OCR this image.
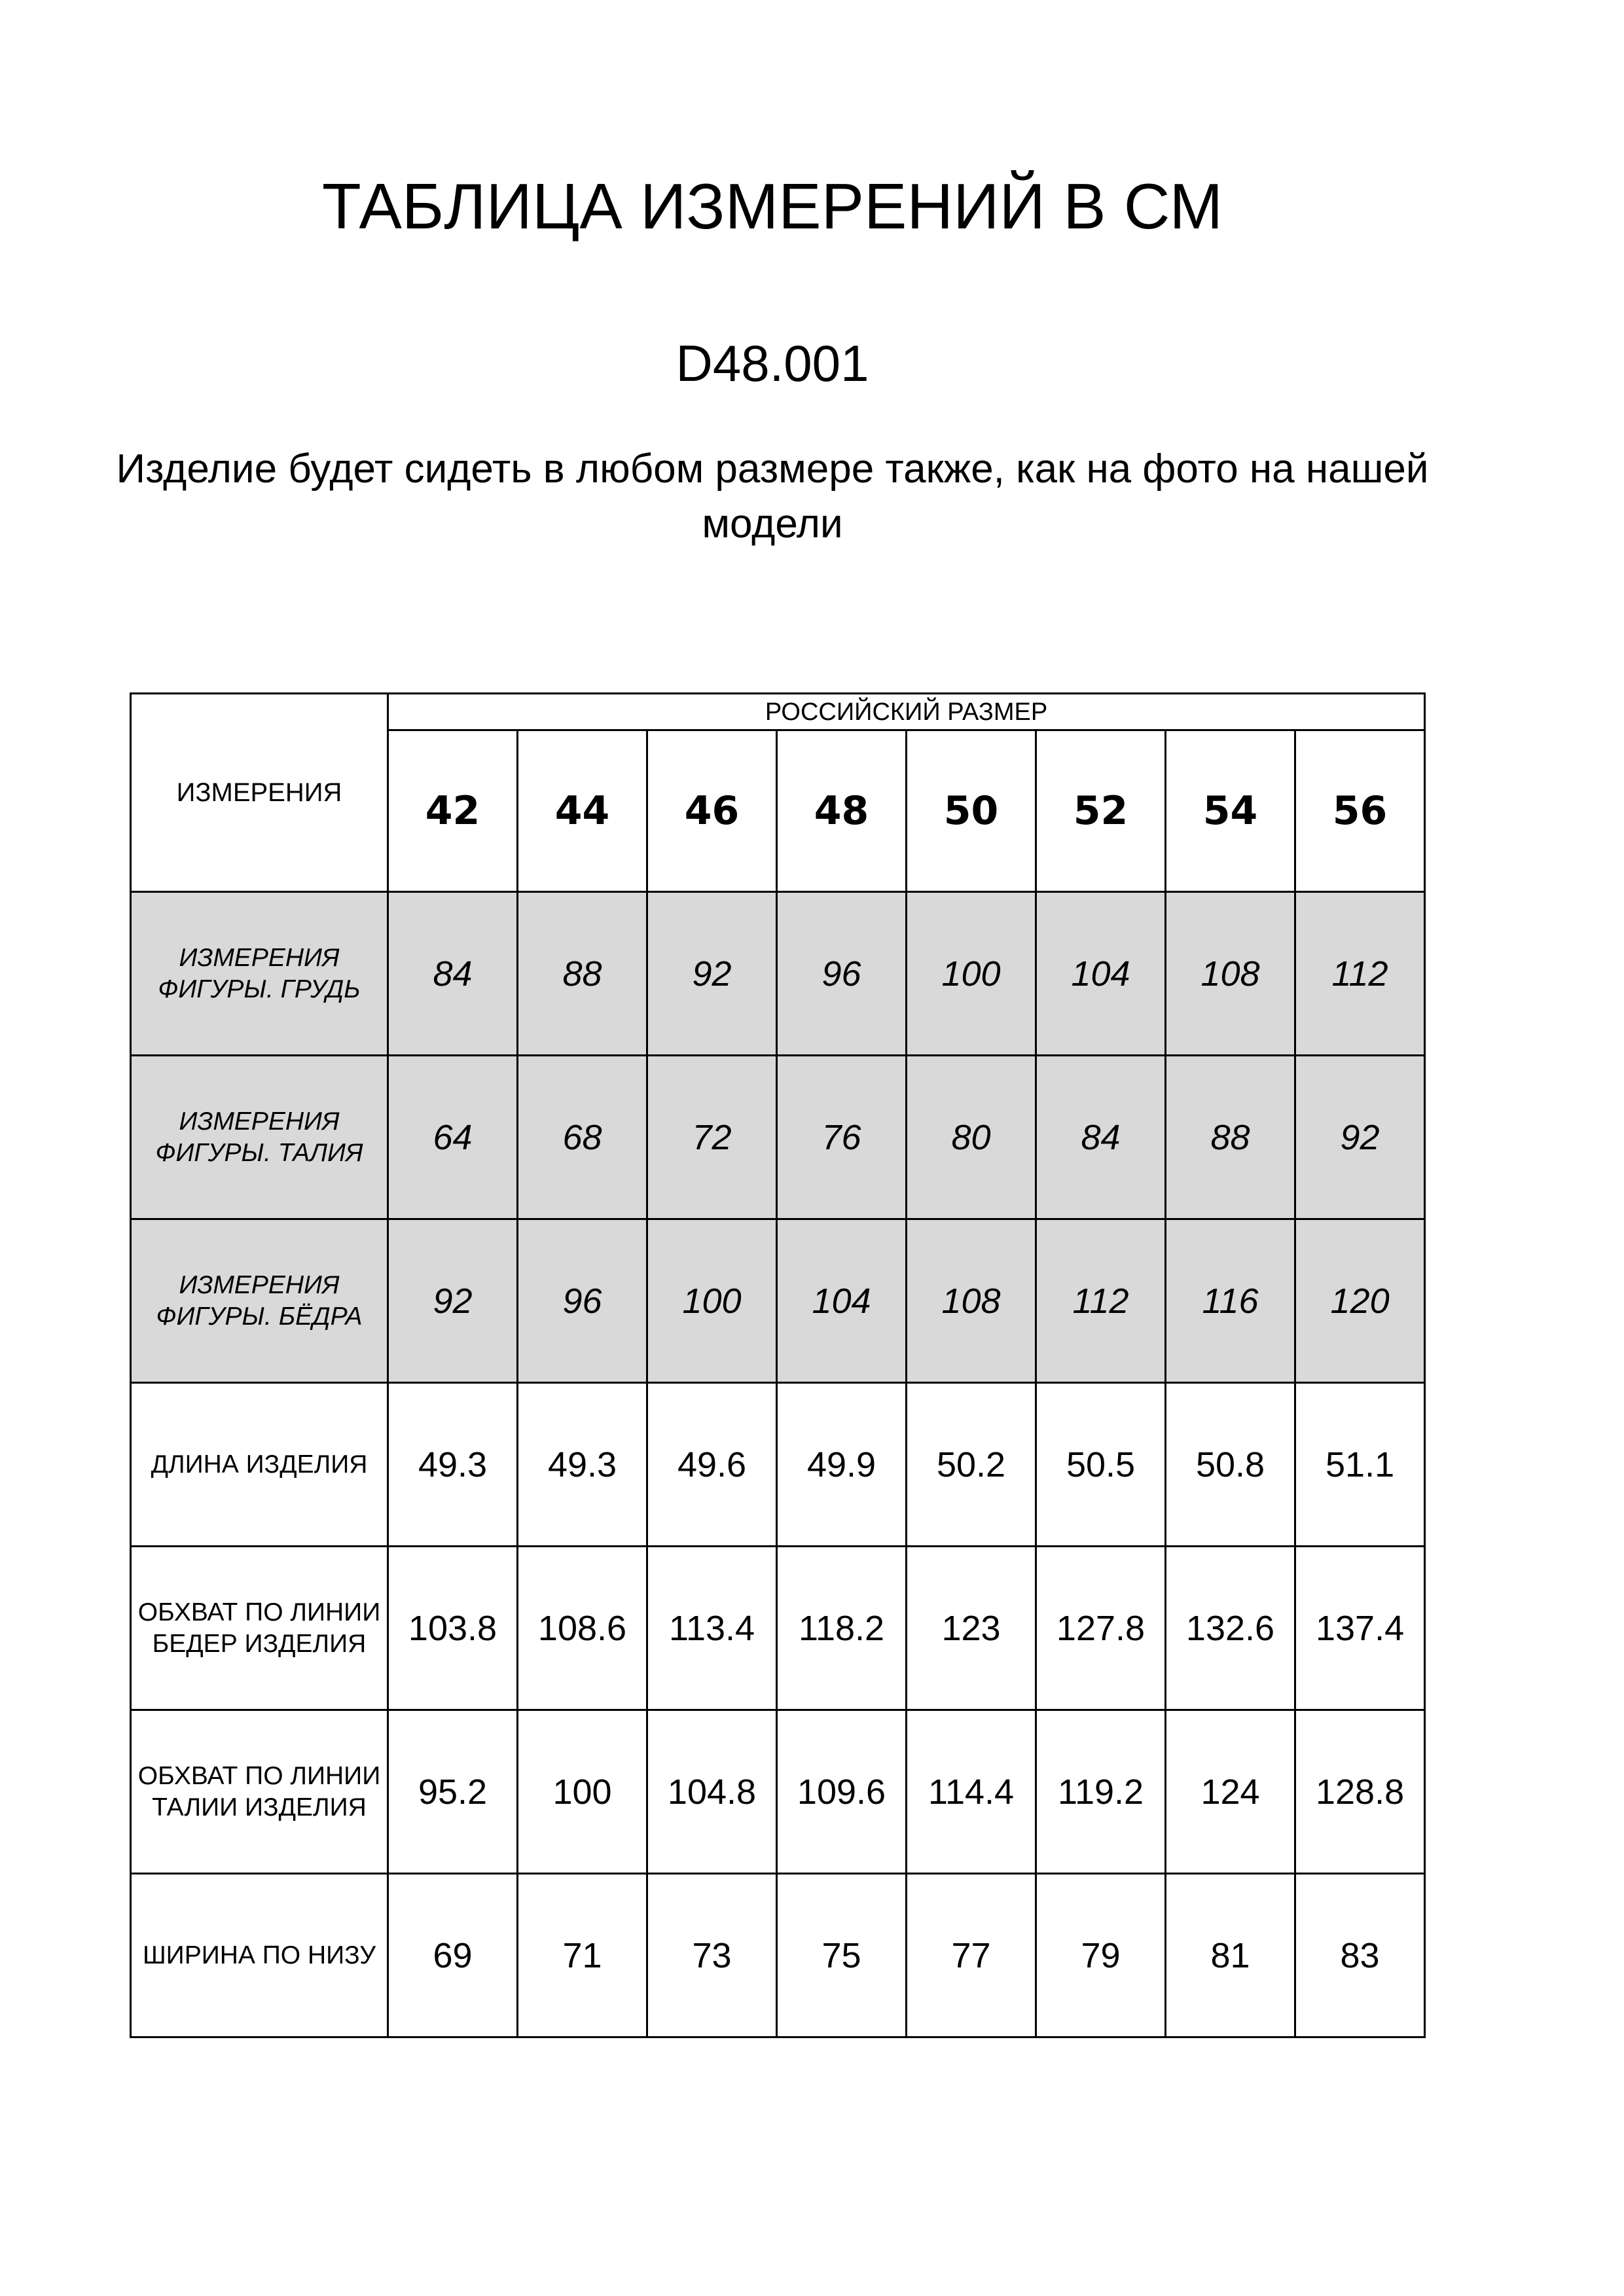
ТАБЛИЦА ИЗМЕРЕНИЙ В СМ
D48.001
Изделие будет сидеть в любом размере также, как на фото на нашей модели
ИЗМЕРЕНИЯ	РОССИЙСКИЙ РАЗМЕР							
	42	44	46	48	50	52	54	56
ИЗМЕРЕНИЯ ФИГУРЫ. ГРУДЬ	84	88	92	96	100	104	108	112
ИЗМЕРЕНИЯ ФИГУРЫ. ТАЛИЯ	64	68	72	76	80	84	88	92
ИЗМЕРЕНИЯ ФИГУРЫ. БЁДРА	92	96	100	104	108	112	116	120
ДЛИНА ИЗДЕЛИЯ	49.3	49.3	49.6	49.9	50.2	50.5	50.8	51.1
ОБХВАТ ПО ЛИНИИ БЕДЕР ИЗДЕЛИЯ	103.8	108.6	113.4	118.2	123	127.8	132.6	137.4
ОБХВАТ ПО ЛИНИИ ТАЛИИ ИЗДЕЛИЯ	95.2	100	104.8	109.6	114.4	119.2	124	128.8
ШИРИНА ПО НИЗУ	69	71	73	75	77	79	81	83
